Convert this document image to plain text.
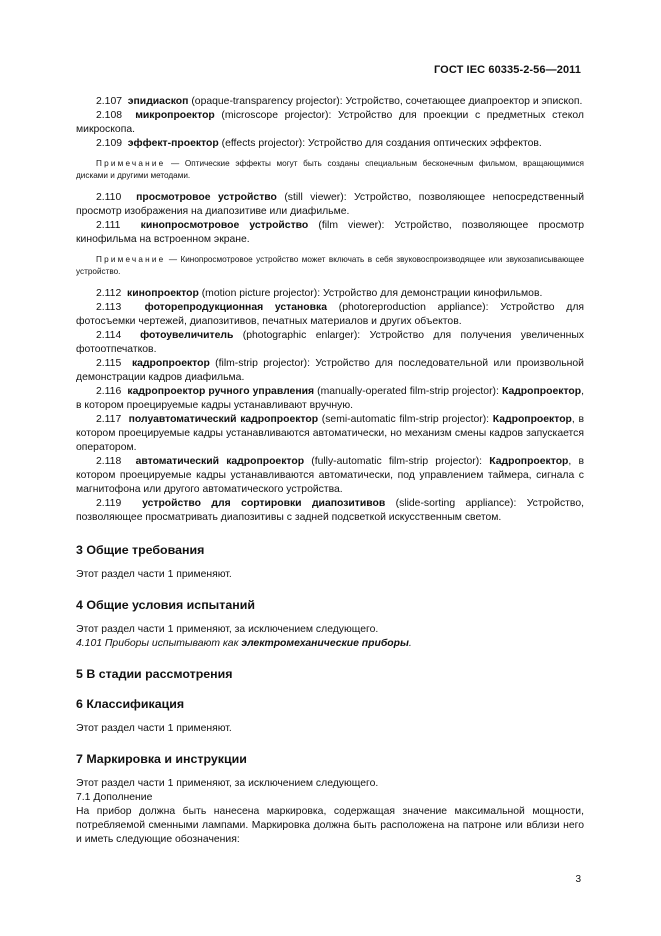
ГОСТ IEC 60335-2-56—2011

2.107 эпидиаскоп (opaque-transparency projector): Устройство, сочетающее диапроектор и эпископ.

2.108 микропроектор (microscope projector): Устройство для проекции с предметных стекол микроскопа.

2.109 эффект-проектор (effects projector): Устройство для создания оптических эффектов.

Примечание — Оптические эффекты могут быть созданы специальным бесконечным фильмом, вращающимися дисками и другими методами.

2.110 просмотровое устройство (still viewer): Устройство, позволяющее непосредственный просмотр изображения на диапозитиве или диафильме.

2.111 кинопросмотровое устройство (film viewer): Устройство, позволяющее просмотр кинофильма на встроенном экране.

Примечание — Кинопросмотровое устройство может включать в себя звуковоспроизводящее или звукозаписывающее устройство.

2.112 кинопроектор (motion picture projector): Устройство для демонстрации кинофильмов.

2.113 фоторепродукционная установка (photoreproduction appliance): Устройство для фотосъемки чертежей, диапозитивов, печатных материалов и других объектов.

2.114 фотоувеличитель (photographic enlarger): Устройство для получения увеличенных фотоотпечатков.

2.115 кадропроектор (film-strip projector): Устройство для последовательной или произвольной демонстрации кадров диафильма.

2.116 кадропроектор ручного управления (manually-operated film-strip projector): Кадропроектор, в котором проецируемые кадры устанавливают вручную.

2.117 полуавтоматический кадропроектор (semi-automatic film-strip projector): Кадропроектор, в котором проецируемые кадры устанавливаются автоматически, но механизм смены кадров запускается оператором.

2.118 автоматический кадропроектор (fully-automatic film-strip projector): Кадропроектор, в котором проецируемые кадры устанавливаются автоматически, под управлением таймера, сигнала с магнитофона или другого автоматического устройства.

2.119 устройство для сортировки диапозитивов (slide-sorting appliance): Устройство, позволяющее просматривать диапозитивы с задней подсветкой искусственным светом.

3 Общие требования

Этот раздел части 1 применяют.

4 Общие условия испытаний

Этот раздел части 1 применяют, за исключением следующего.

4.101 Приборы испытывают как электромеханические приборы.

5 В стадии рассмотрения

6 Классификация

Этот раздел части 1 применяют.

7 Маркировка и инструкции

Этот раздел части 1 применяют, за исключением следующего.

7.1 Дополнение

На прибор должна быть нанесена маркировка, содержащая значение максимальной мощности, потребляемой сменными лампами. Маркировка должна быть расположена на патроне или вблизи него и иметь следующие обозначения:

3
